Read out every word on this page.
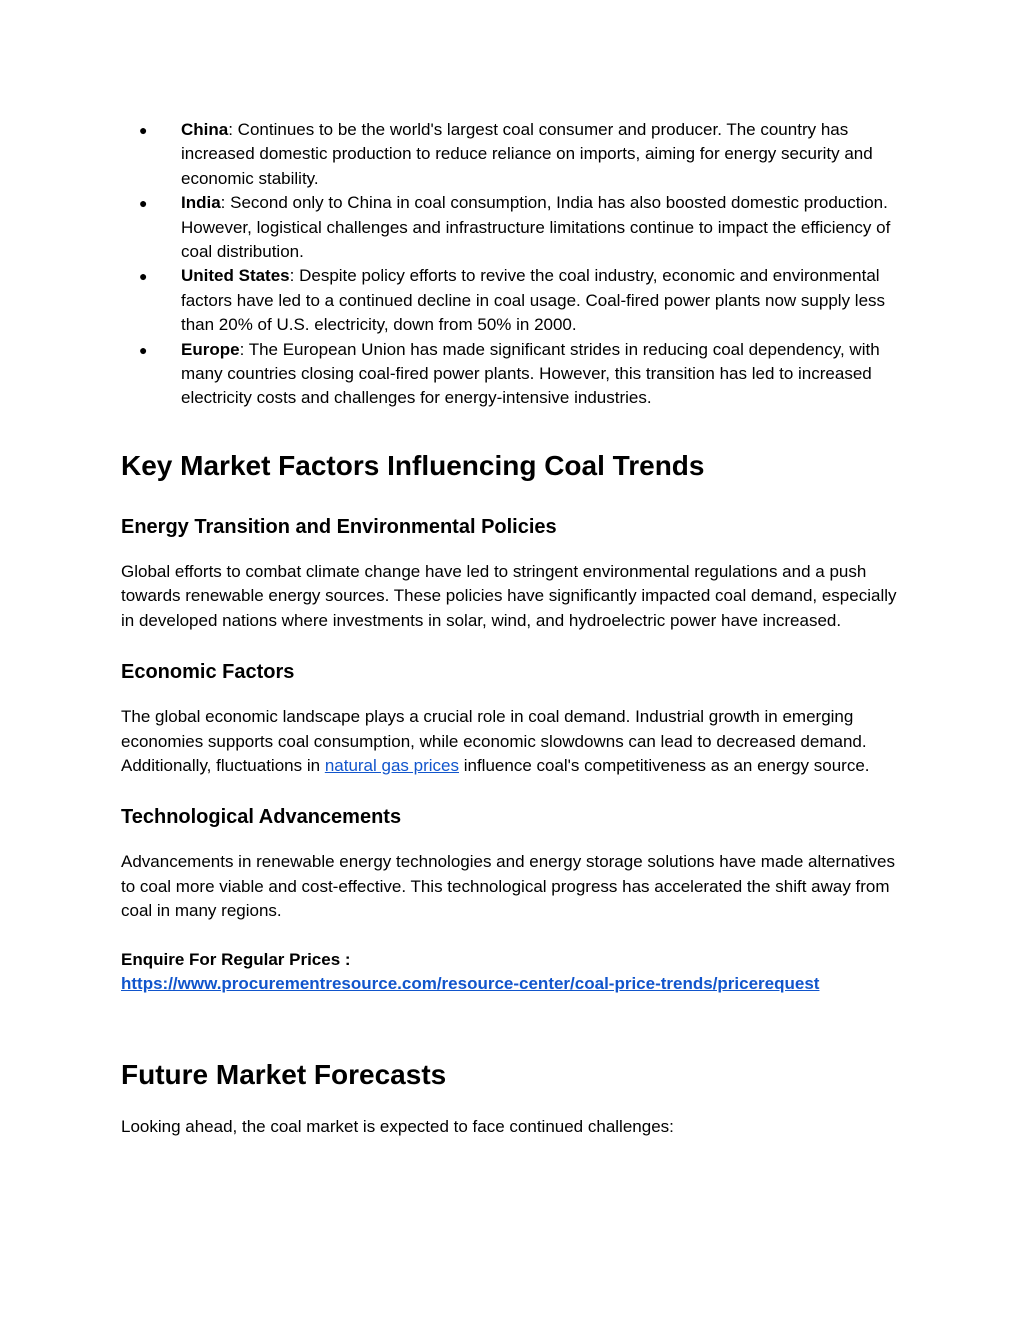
● China: Continues to be the world's largest coal consumer and producer. The country has increased domestic production to reduce reliance on imports, aiming for energy security and economic stability.
● India: Second only to China in coal consumption, India has also boosted domestic production. However, logistical challenges and infrastructure limitations continue to impact the efficiency of coal distribution.
● United States: Despite policy efforts to revive the coal industry, economic and environmental factors have led to a continued decline in coal usage. Coal-fired power plants now supply less than 20% of U.S. electricity, down from 50% in 2000.
● Europe: The European Union has made significant strides in reducing coal dependency, with many countries closing coal-fired power plants. However, this transition has led to increased electricity costs and challenges for energy-intensive industries.
Key Market Factors Influencing Coal Trends
Energy Transition and Environmental Policies

Global efforts to combat climate change have led to stringent environmental regulations and a push towards renewable energy sources. These policies have significantly impacted coal demand, especially in developed nations where investments in solar, wind, and hydroelectric power have increased.

Economic Factors

The global economic landscape plays a crucial role in coal demand. Industrial growth in emerging economies supports coal consumption, while economic slowdowns can lead to decreased demand. Additionally, fluctuations in natural gas prices influence coal's competitiveness as an energy source.

Technological Advancements

Advancements in renewable energy technologies and energy storage solutions have made alternatives to coal more viable and cost-effective. This technological progress has accelerated the shift away from coal in many regions.

Enquire For Regular Prices :
https://www.procurementresource.com/resource-center/coal-price-trends/pricerequest
Future Market Forecasts

Looking ahead, the coal market is expected to face continued challenges:
